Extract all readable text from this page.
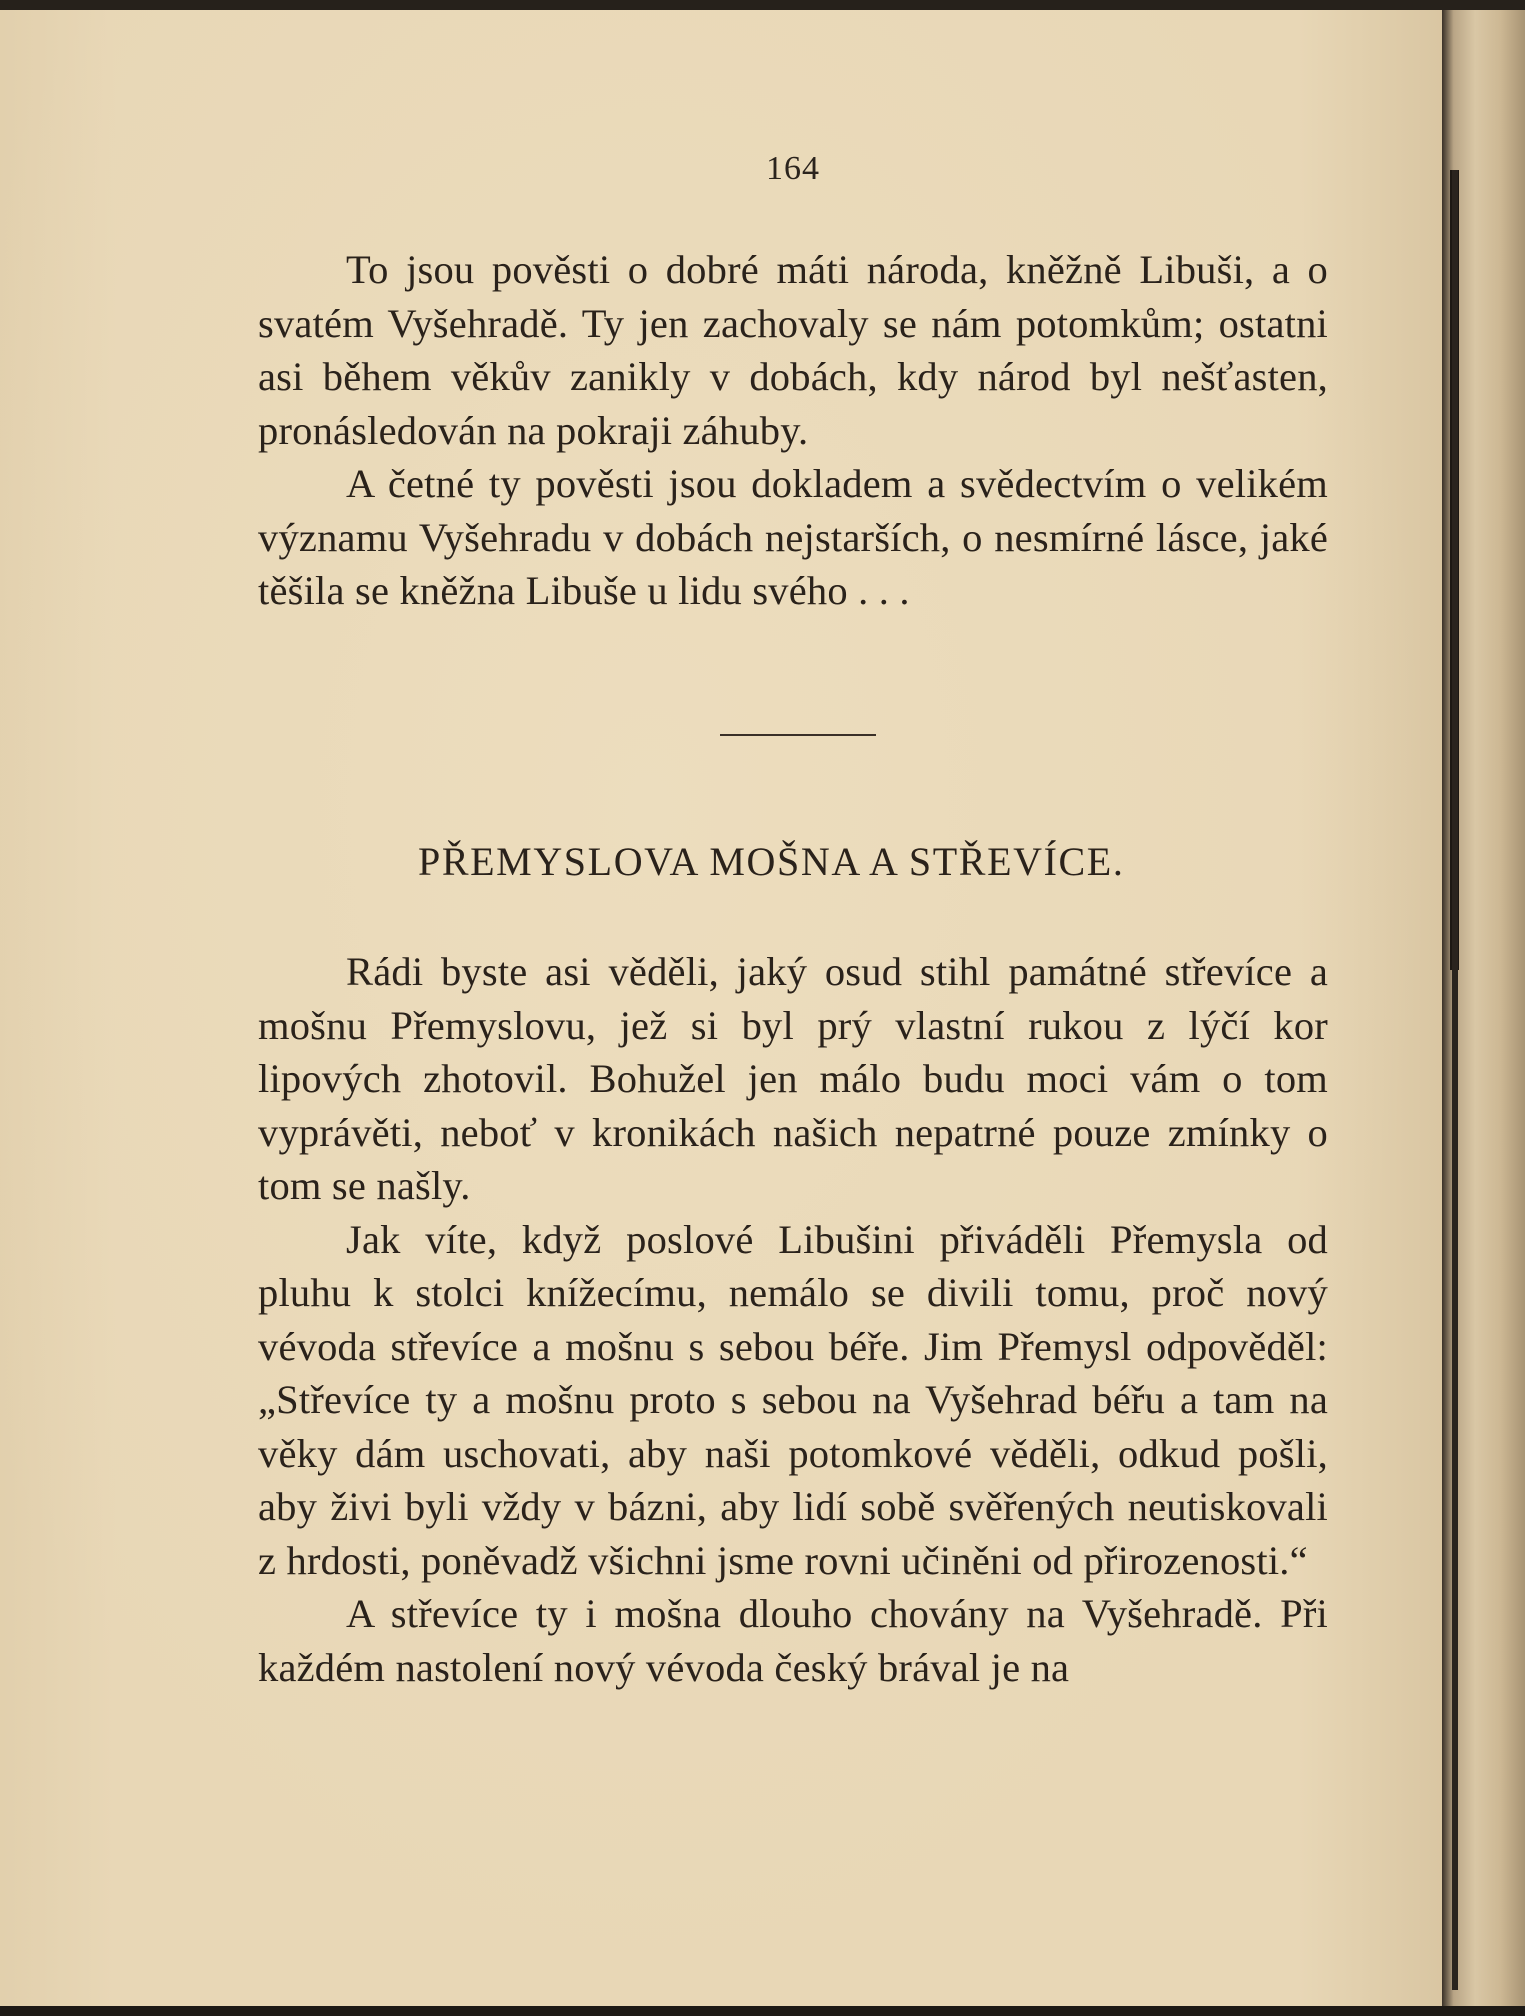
164

To jsou pověsti o dobré máti národa, kněžně Libuši, a o svatém Vyšehradě. Ty jen zachovaly se nám potomkům; ostatni asi během věkův zanikly v dobách, kdy národ byl nešťasten, pronásledován na pokraji záhuby.

A četné ty pověsti jsou dokladem a svědectvím o velikém významu Vyšehradu v dobách nejstarších, o nesmírné lásce, jaké těšila se kněžna Libuše u lidu svého . . .

PŘEMYSLOVA MOŠNA A STŘEVÍCE.

Rádi byste asi věděli, jaký osud stihl památné střevíce a mošnu Přemyslovu, jež si byl prý vlastní rukou z lýčí kor lipových zhotovil. Bohužel jen málo budu moci vám o tom vyprávěti, neboť v kronikách našich nepatrné pouze zmínky o tom se našly.

Jak víte, když poslové Libušini přiváděli Přemysla od pluhu k stolci knížecímu, nemálo se divili tomu, proč nový vévoda střevíce a mošnu s sebou béře. Jim Přemysl odpověděl: „Střevíce ty a mošnu proto s sebou na Vyšehrad béřu a tam na věky dám uschovati, aby naši potomkové věděli, odkud pošli, aby živi byli vždy v bázni, aby lidí sobě svěřených neutiskovali z hrdosti, poněvadž všichni jsme rovni učiněni od přirozenosti.“

A střevíce ty i mošna dlouho chovány na Vyšehradě. Při každém nastolení nový vévoda český brával je na
